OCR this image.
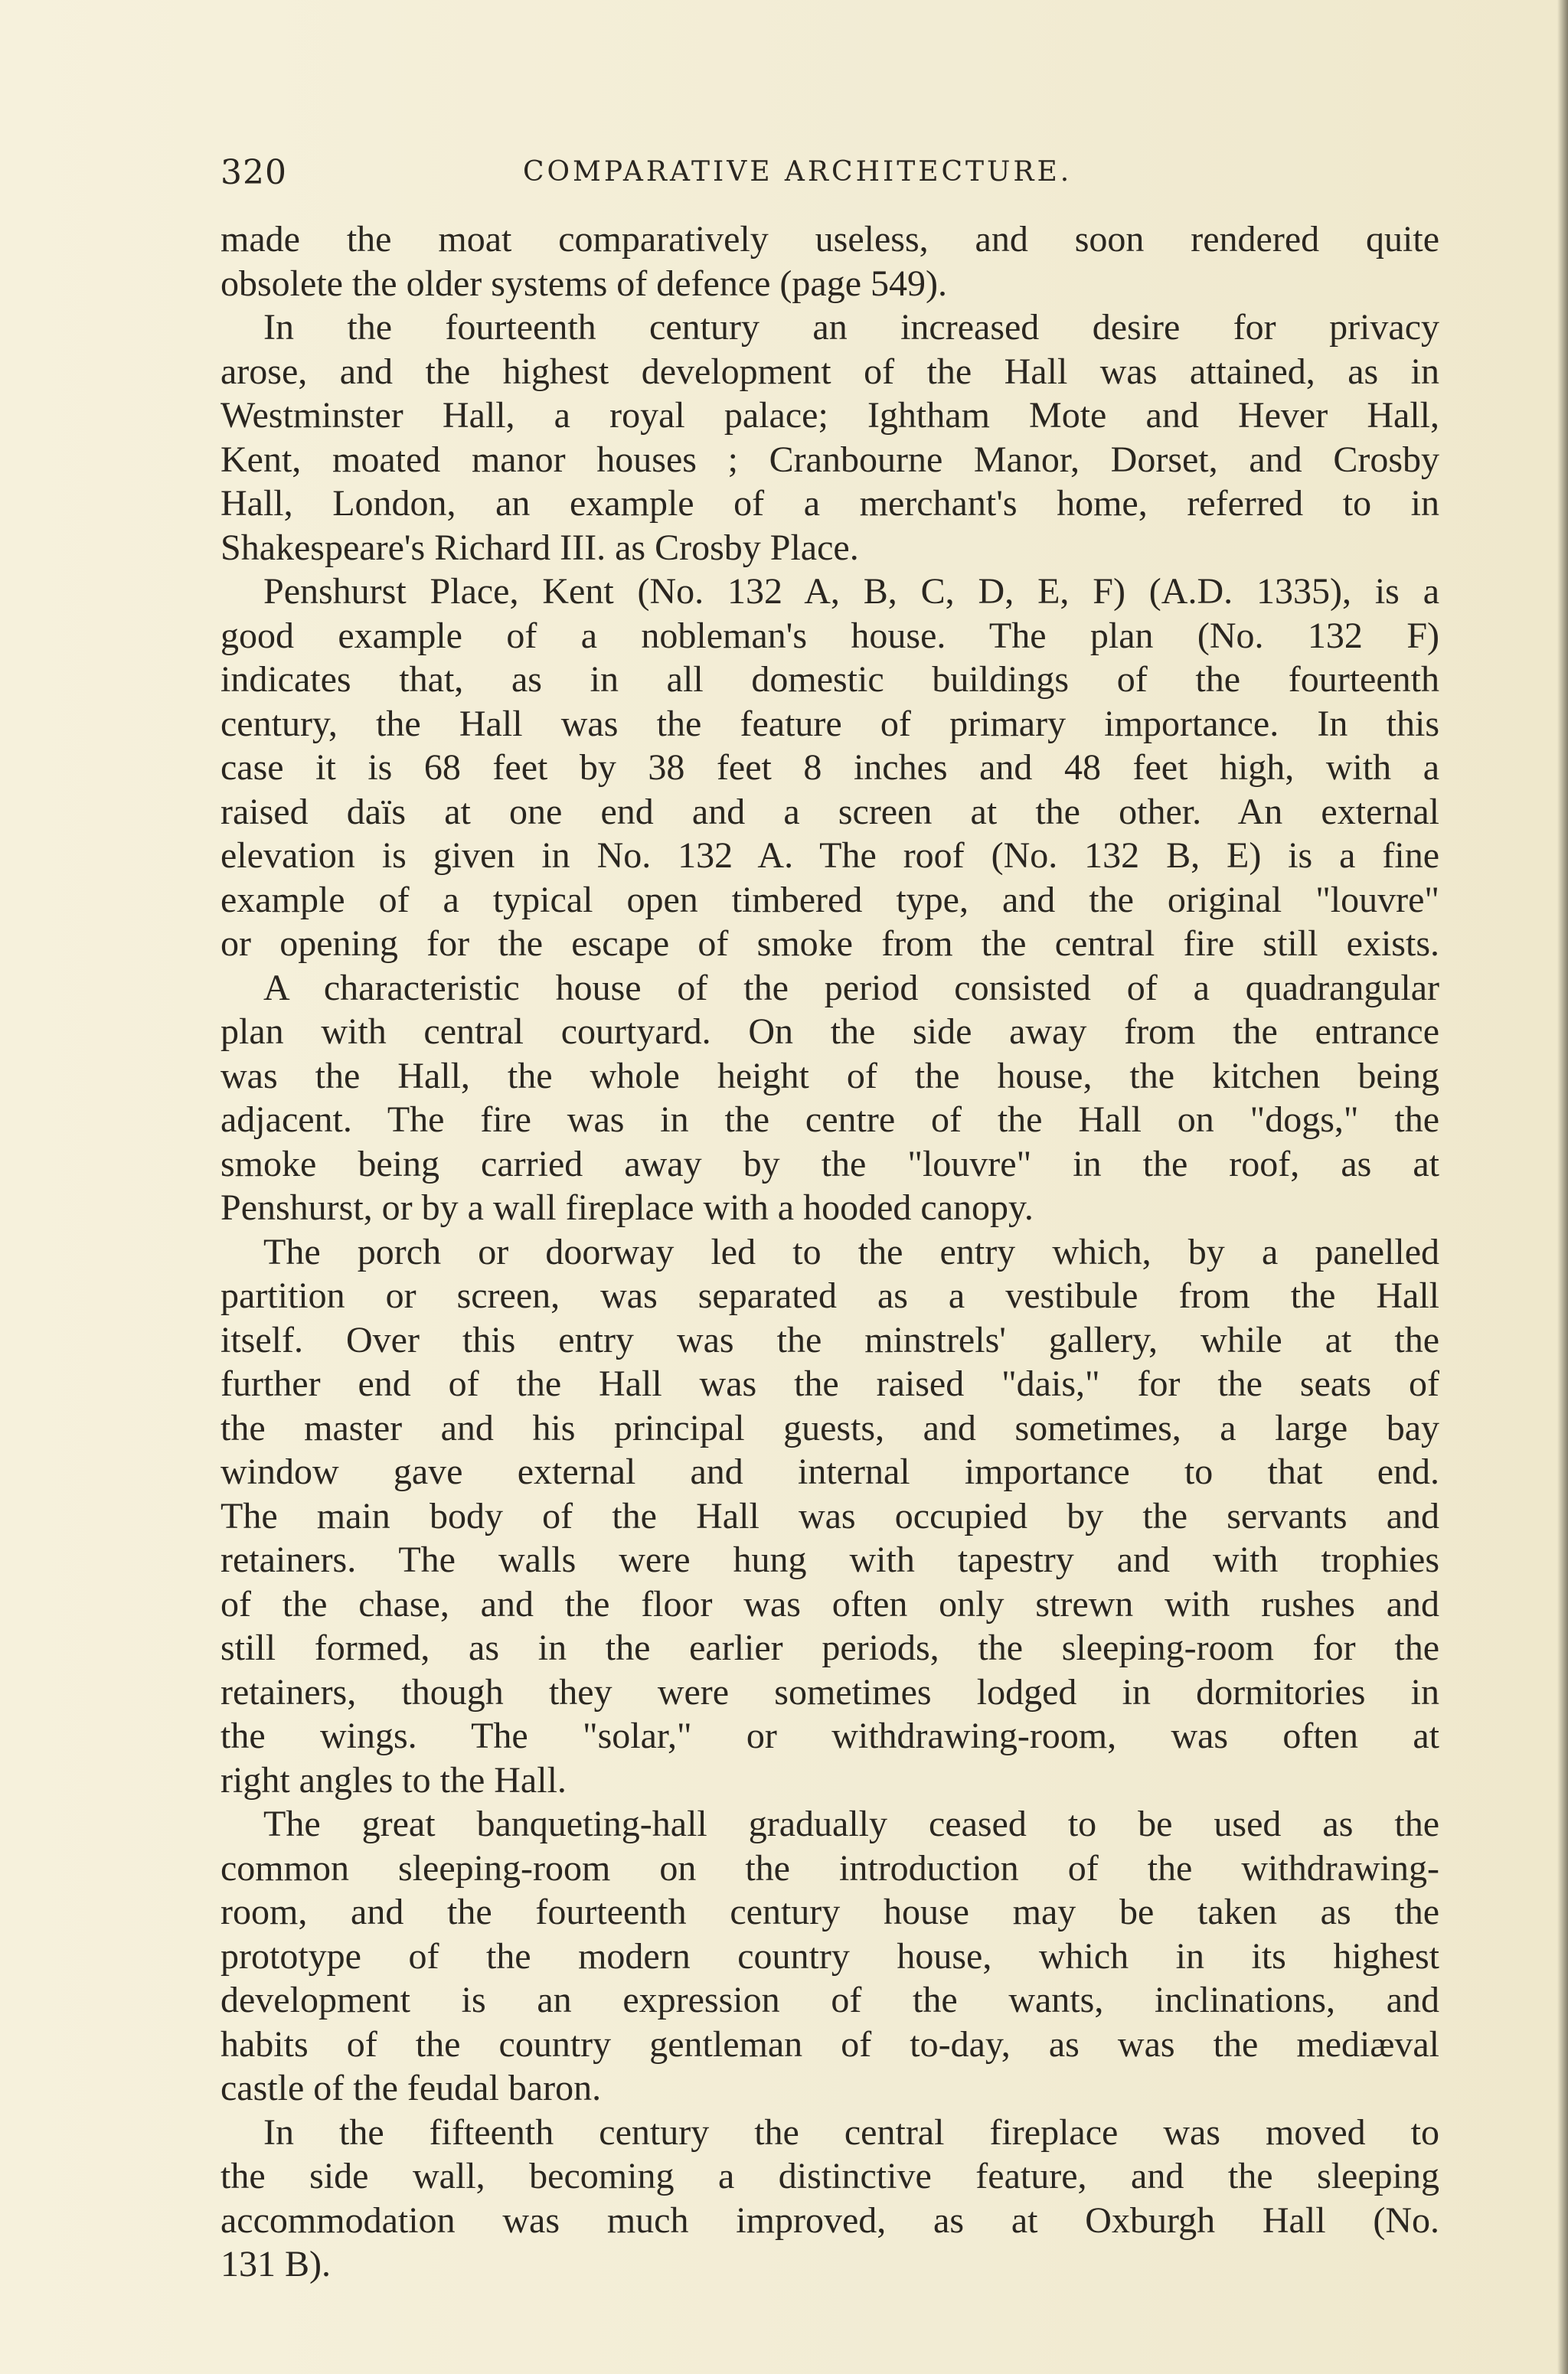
320	COMPARATIVE ARCHITECTURE.
made the moat comparatively useless, and soon rendered quite
obsolete the older systems of defence (page 549).
In the fourteenth century an increased desire for privacy
arose, and the highest development of the Hall was attained, as in
Westminster Hall, a royal palace; Ightham Mote and Hever Hall,
Kent, moated manor houses ; Cranbourne Manor, Dorset, and Crosby
Hall, London, an example of a merchant's home, referred to in
Shakespeare's Richard III. as Crosby Place.
Penshurst Place, Kent (No. 132 A, B, C, D, E, F) (A.D. 1335), is a
good example of a nobleman's house. The plan (No. 132 F)
indicates that, as in all domestic buildings of the fourteenth
century, the Hall was the feature of primary importance. In this
case it is 68 feet by 38 feet 8 inches and 48 feet high, with a
raised daïs at one end and a screen at the other. An external
elevation is given in No. 132 A. The roof (No. 132 B, E) is a fine
example of a typical open timbered type, and the original "louvre"
or opening for the escape of smoke from the central fire still exists.
A characteristic house of the period consisted of a quadrangular
plan with central courtyard. On the side away from the entrance
was the Hall, the whole height of the house, the kitchen being
adjacent. The fire was in the centre of the Hall on "dogs," the
smoke being carried away by the "louvre" in the roof, as at
Penshurst, or by a wall fireplace with a hooded canopy.
The porch or doorway led to the entry which, by a panelled
partition or screen, was separated as a vestibule from the Hall
itself. Over this entry was the minstrels' gallery, while at the
further end of the Hall was the raised "dais," for the seats of
the master and his principal guests, and sometimes, a large bay
window gave external and internal importance to that end.
The main body of the Hall was occupied by the servants and
retainers. The walls were hung with tapestry and with trophies
of the chase, and the floor was often only strewn with rushes and
still formed, as in the earlier periods, the sleeping-room for the
retainers, though they were sometimes lodged in dormitories in
the wings. The "solar," or withdrawing-room, was often at
right angles to the Hall.
The great banqueting-hall gradually ceased to be used as the
common sleeping-room on the introduction of the withdrawing-
room, and the fourteenth century house may be taken as the
prototype of the modern country house, which in its highest
development is an expression of the wants, inclinations, and
habits of the country gentleman of to-day, as was the mediæval
castle of the feudal baron.
In the fifteenth century the central fireplace was moved to
the side wall, becoming a distinctive feature, and the sleeping
accommodation was much improved, as at Oxburgh Hall (No.
131 B).
